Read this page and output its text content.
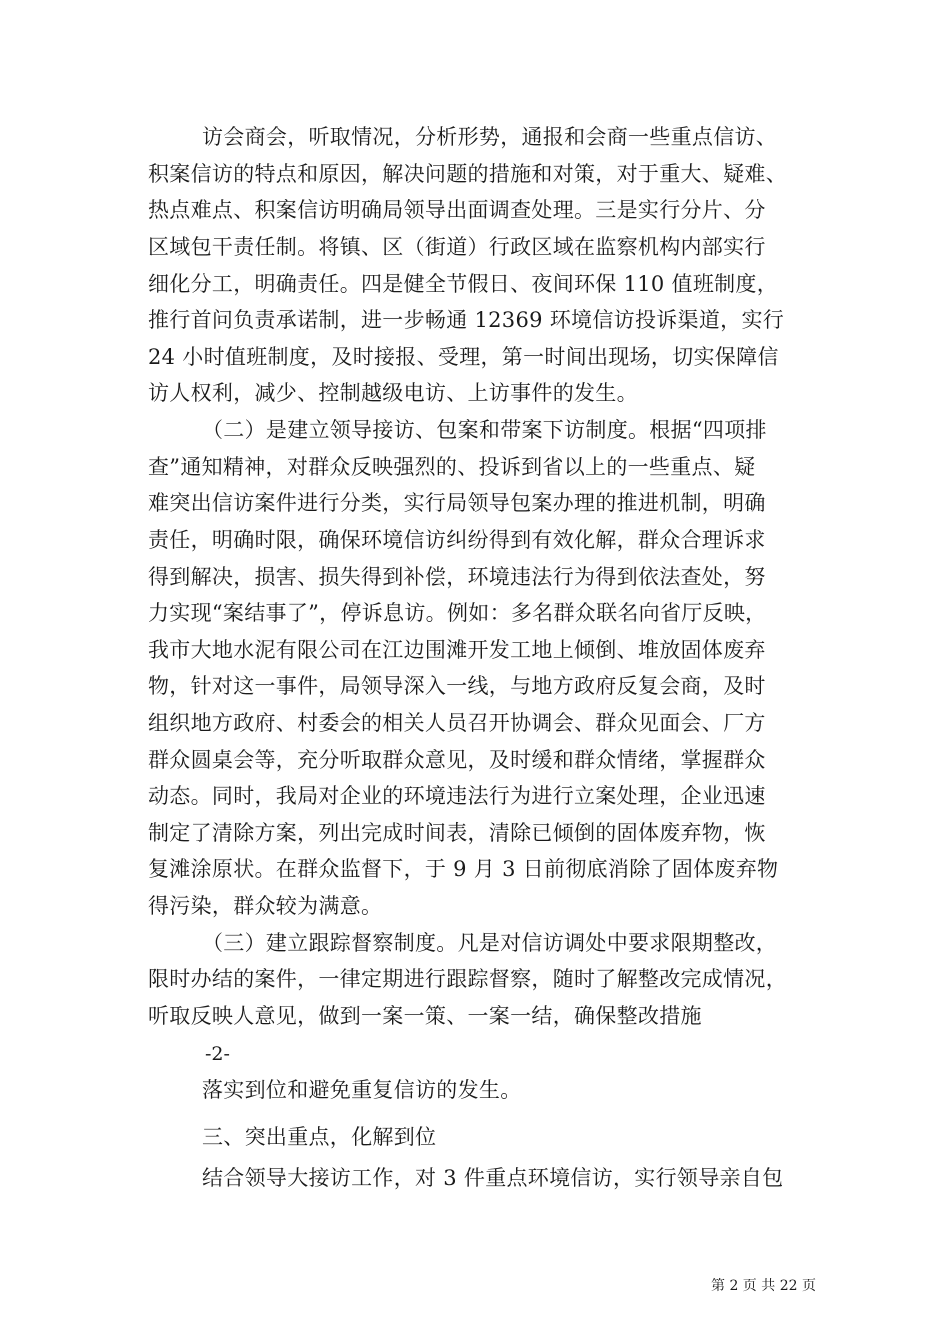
访会商会，听取情况，分析形势，通报和会商一些重点信访、
积案信访的特点和原因，解决问题的措施和对策，对于重大、疑难、
热点难点、积案信访明确局领导出面调查处理。三是实行分片、分
区域包干责任制。将镇、区（街道）行政区域在监察机构内部实行
细化分工，明确责任。四是健全节假日、夜间环保 110 值班制度，
推行首问负责承诺制，进一步畅通 12369 环境信访投诉渠道，实行
24 小时值班制度，及时接报、受理，第一时间出现场，切实保障信
访人权利，减少、控制越级电访、上访事件的发生。
（二）是建立领导接访、包案和带案下访制度。根据“四项排
查”通知精神，对群众反映强烈的、投诉到省以上的一些重点、疑
难突出信访案件进行分类，实行局领导包案办理的推进机制，明确
责任，明确时限，确保环境信访纠纷得到有效化解，群众合理诉求
得到解决，损害、损失得到补偿，环境违法行为得到依法查处，努
力实现“案结事了”，停诉息访。例如：多名群众联名向省厅反映，
我市大地水泥有限公司在江边围滩开发工地上倾倒、堆放固体废弃
物，针对这一事件，局领导深入一线，与地方政府反复会商，及时
组织地方政府、村委会的相关人员召开协调会、群众见面会、厂方
群众圆桌会等，充分听取群众意见，及时缓和群众情绪，掌握群众
动态。同时，我局对企业的环境违法行为进行立案处理，企业迅速
制定了清除方案，列出完成时间表，清除已倾倒的固体废弃物，恢
复滩涂原状。在群众监督下，于 9 月 3 日前彻底消除了固体废弃物
得污染，群众较为满意。
（三）建立跟踪督察制度。凡是对信访调处中要求限期整改，
限时办结的案件，一律定期进行跟踪督察，随时了解整改完成情况，
听取反映人意见，做到一案一策、一案一结，确保整改措施
-2-
落实到位和避免重复信访的发生。
三、突出重点，化解到位
结合领导大接访工作，对 3 件重点环境信访，实行领导亲自包
第 2 页 共 22 页
